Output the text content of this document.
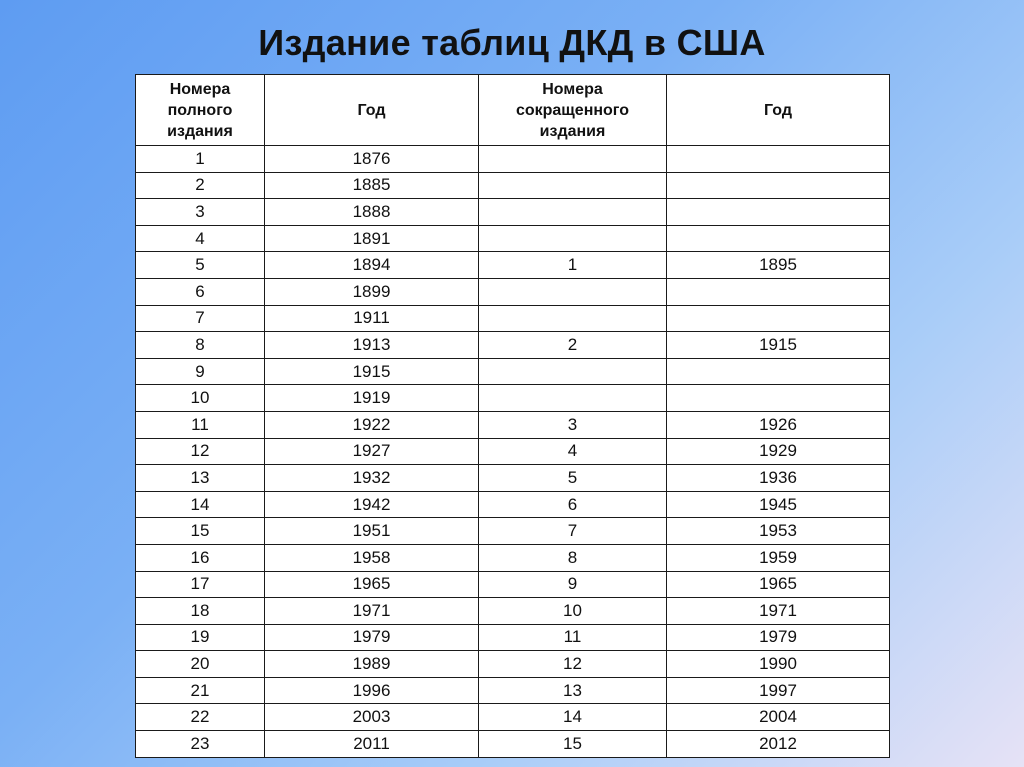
Издание таблиц ДКД в США
Номера
полного
издания	Год	Номера
сокращенного
издания	Год
1	1876		
2	1885		
3	1888		
4	1891		
5	1894	1	1895
6	1899		
7	1911		
8	1913	2	1915
9	1915		
10	1919		
11	1922	3	1926
12	1927	4	1929
13	1932	5	1936
14	1942	6	1945
15	1951	7	1953
16	1958	8	1959
17	1965	9	1965
18	1971	10	1971
19	1979	11	1979
20	1989	12	1990
21	1996	13	1997
22	2003	14	2004
23	2011	15	2012
